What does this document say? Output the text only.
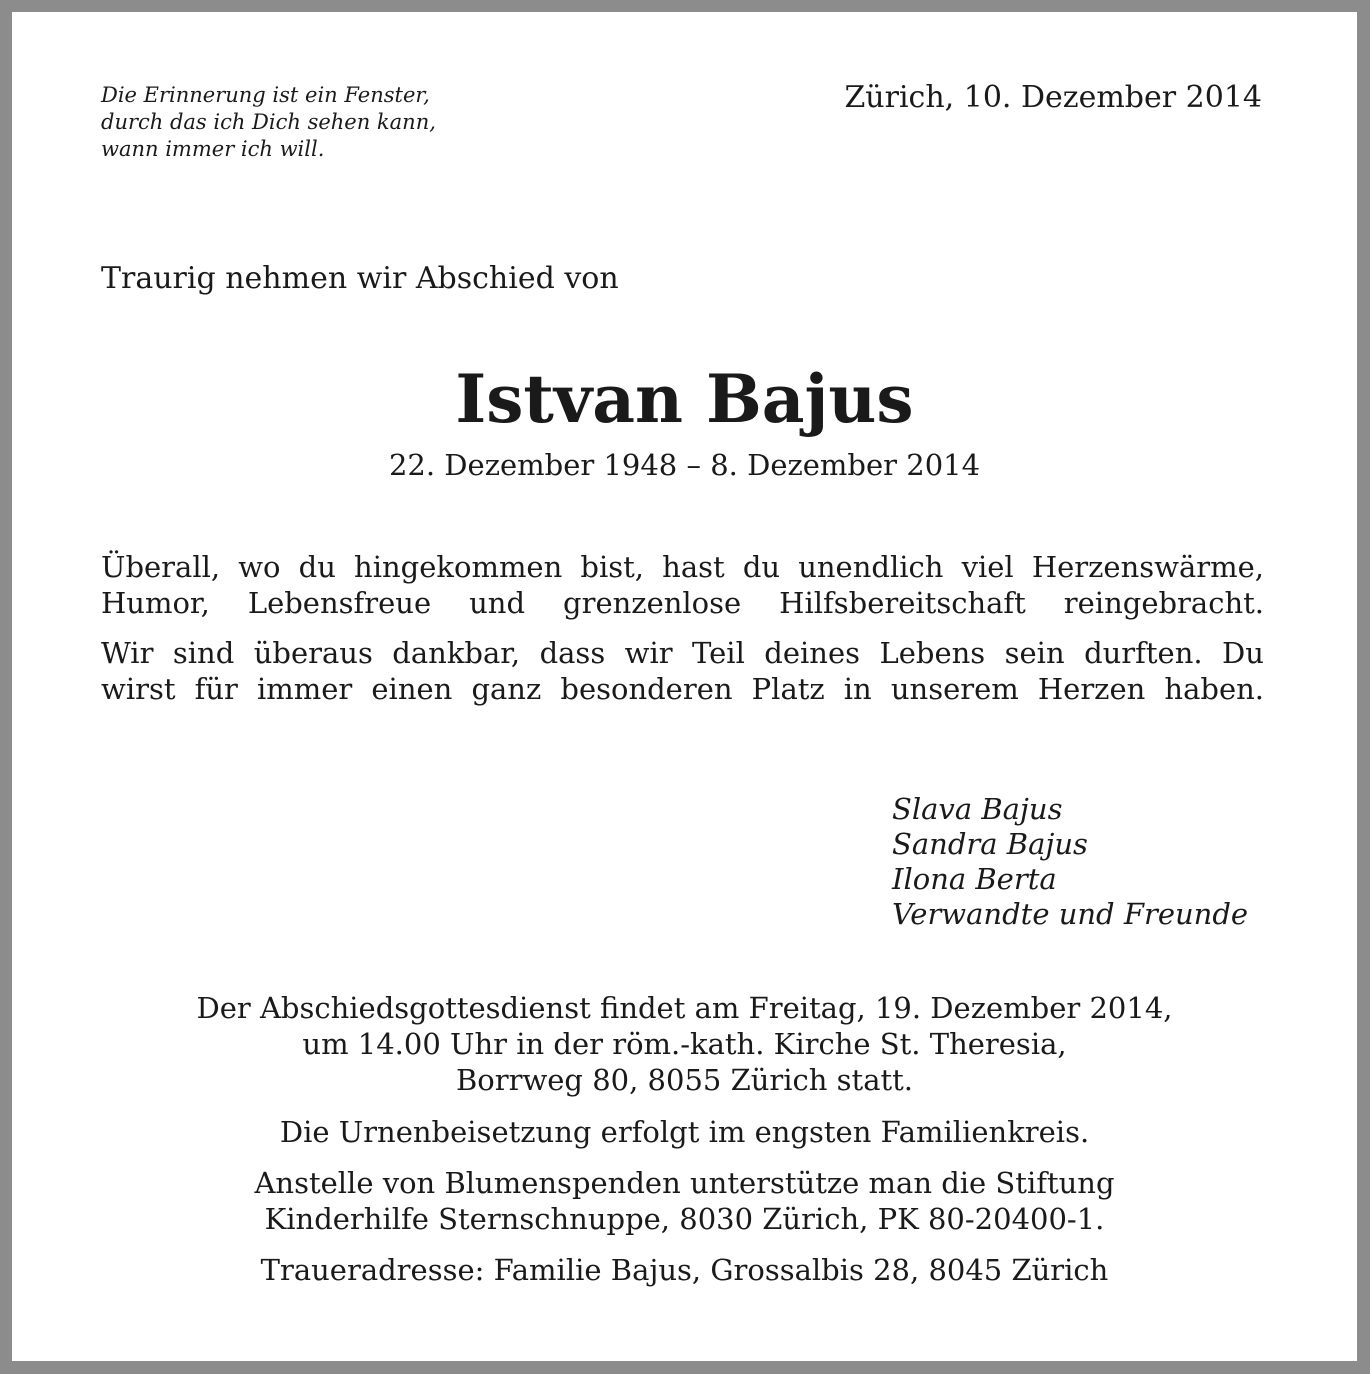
Die Erinnerung ist ein Fenster,
durch das ich Dich sehen kann,
wann immer ich will.
Zürich, 10. Dezember 2014
Traurig nehmen wir Abschied von
Istvan Bajus
22. Dezember 1948 – 8. Dezember 2014
Überall, wo du hingekommen bist, hast du unendlich viel Herzenswärme,
Humor, Lebensfreue und grenzenlose Hilfsbereitschaft reingebracht.
Wir sind überaus dankbar, dass wir Teil deines Lebens sein durften. Du
wirst für immer einen ganz besonderen Platz in unserem Herzen haben.
Slava Bajus
Sandra Bajus
Ilona Berta
Verwandte und Freunde
Der Abschiedsgottesdienst findet am Freitag, 19. Dezember 2014,
um 14.00 Uhr in der röm.-kath. Kirche St. Theresia,
Borrweg 80, 8055 Zürich statt.
Die Urnenbeisetzung erfolgt im engsten Familienkreis.
Anstelle von Blumenspenden unterstütze man die Stiftung
Kinderhilfe Sternschnuppe, 8030 Zürich, PK 80-20400-1.
Traueradresse: Familie Bajus, Grossalbis 28, 8045 Zürich
